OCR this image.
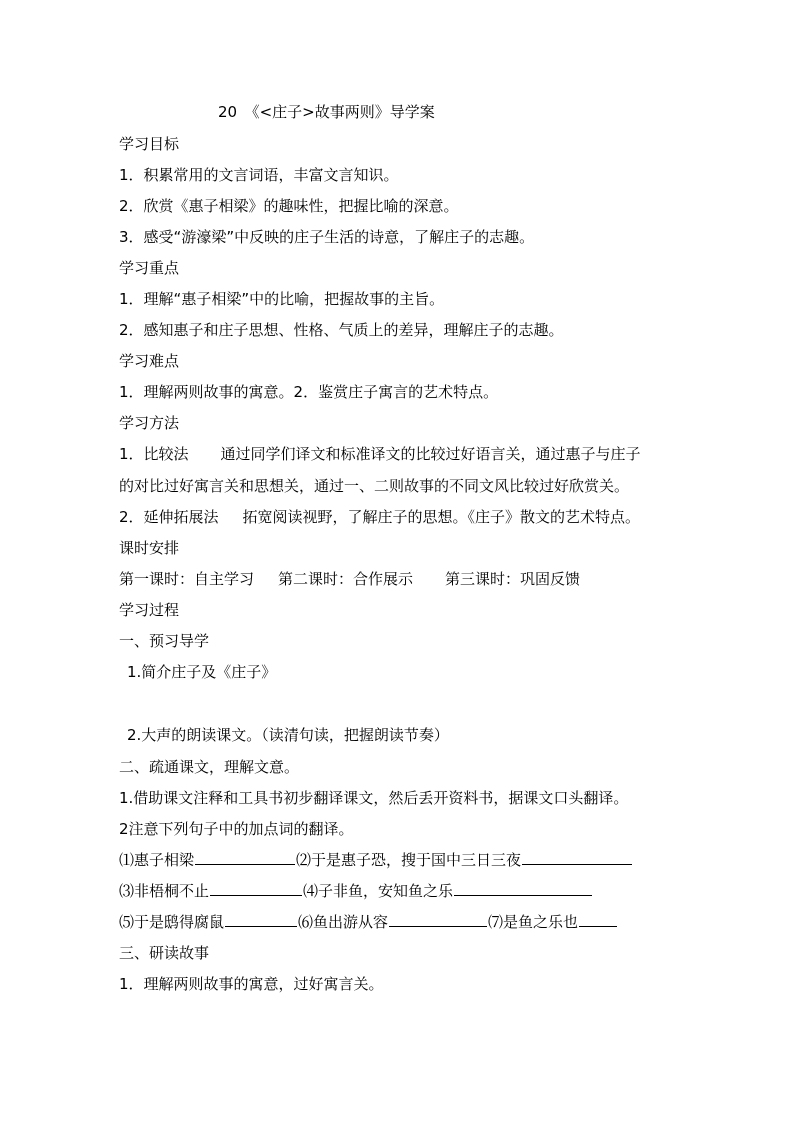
20　《<庄子>故事两则》导学案
学习目标
1．积累常用的文言词语，丰富文言知识。
2．欣赏《惠子相梁》的趣味性，把握比喻的深意。
3．感受“游濠梁”中反映的庄子生活的诗意，了解庄子的志趣。
学习重点
1．理解“惠子相梁”中的比喻，把握故事的主旨。
2．感知惠子和庄子思想、性格、气质上的差异，理解庄子的志趣。
学习难点
1．理解两则故事的寓意。2．鉴赏庄子寓言的艺术特点。
学习方法
1．比较法 通过同学们译文和标准译文的比较过好语言关，通过惠子与庄子
的对比过好寓言关和思想关，通过一、二则故事的不同文风比较过好欣赏关。
2．延伸拓展法 拓宽阅读视野，了解庄子的思想。《庄子》散文的艺术特点。
课时安排
第一课时：自主学习 第二课时：合作展示 第三课时：巩固反馈
学习过程
一、预习导学
1.简介庄子及《庄子》
2.大声的朗读课文。（读清句读，把握朗读节奏）
二、疏通课文，理解文意。
1.借助课文注释和工具书初步翻译课文，然后丢开资料书，据课文口头翻译。
2注意下列句子中的加点词的翻译。
⑴惠子相梁	⑵于是惠子恐，搜于国中三日三夜
⑶非梧桐不止	⑷子非鱼，安知鱼之乐
⑸于是鸱得腐鼠	⑹鱼出游从容	⑺是鱼之乐也
三、研读故事
1．理解两则故事的寓意，过好寓言关。
